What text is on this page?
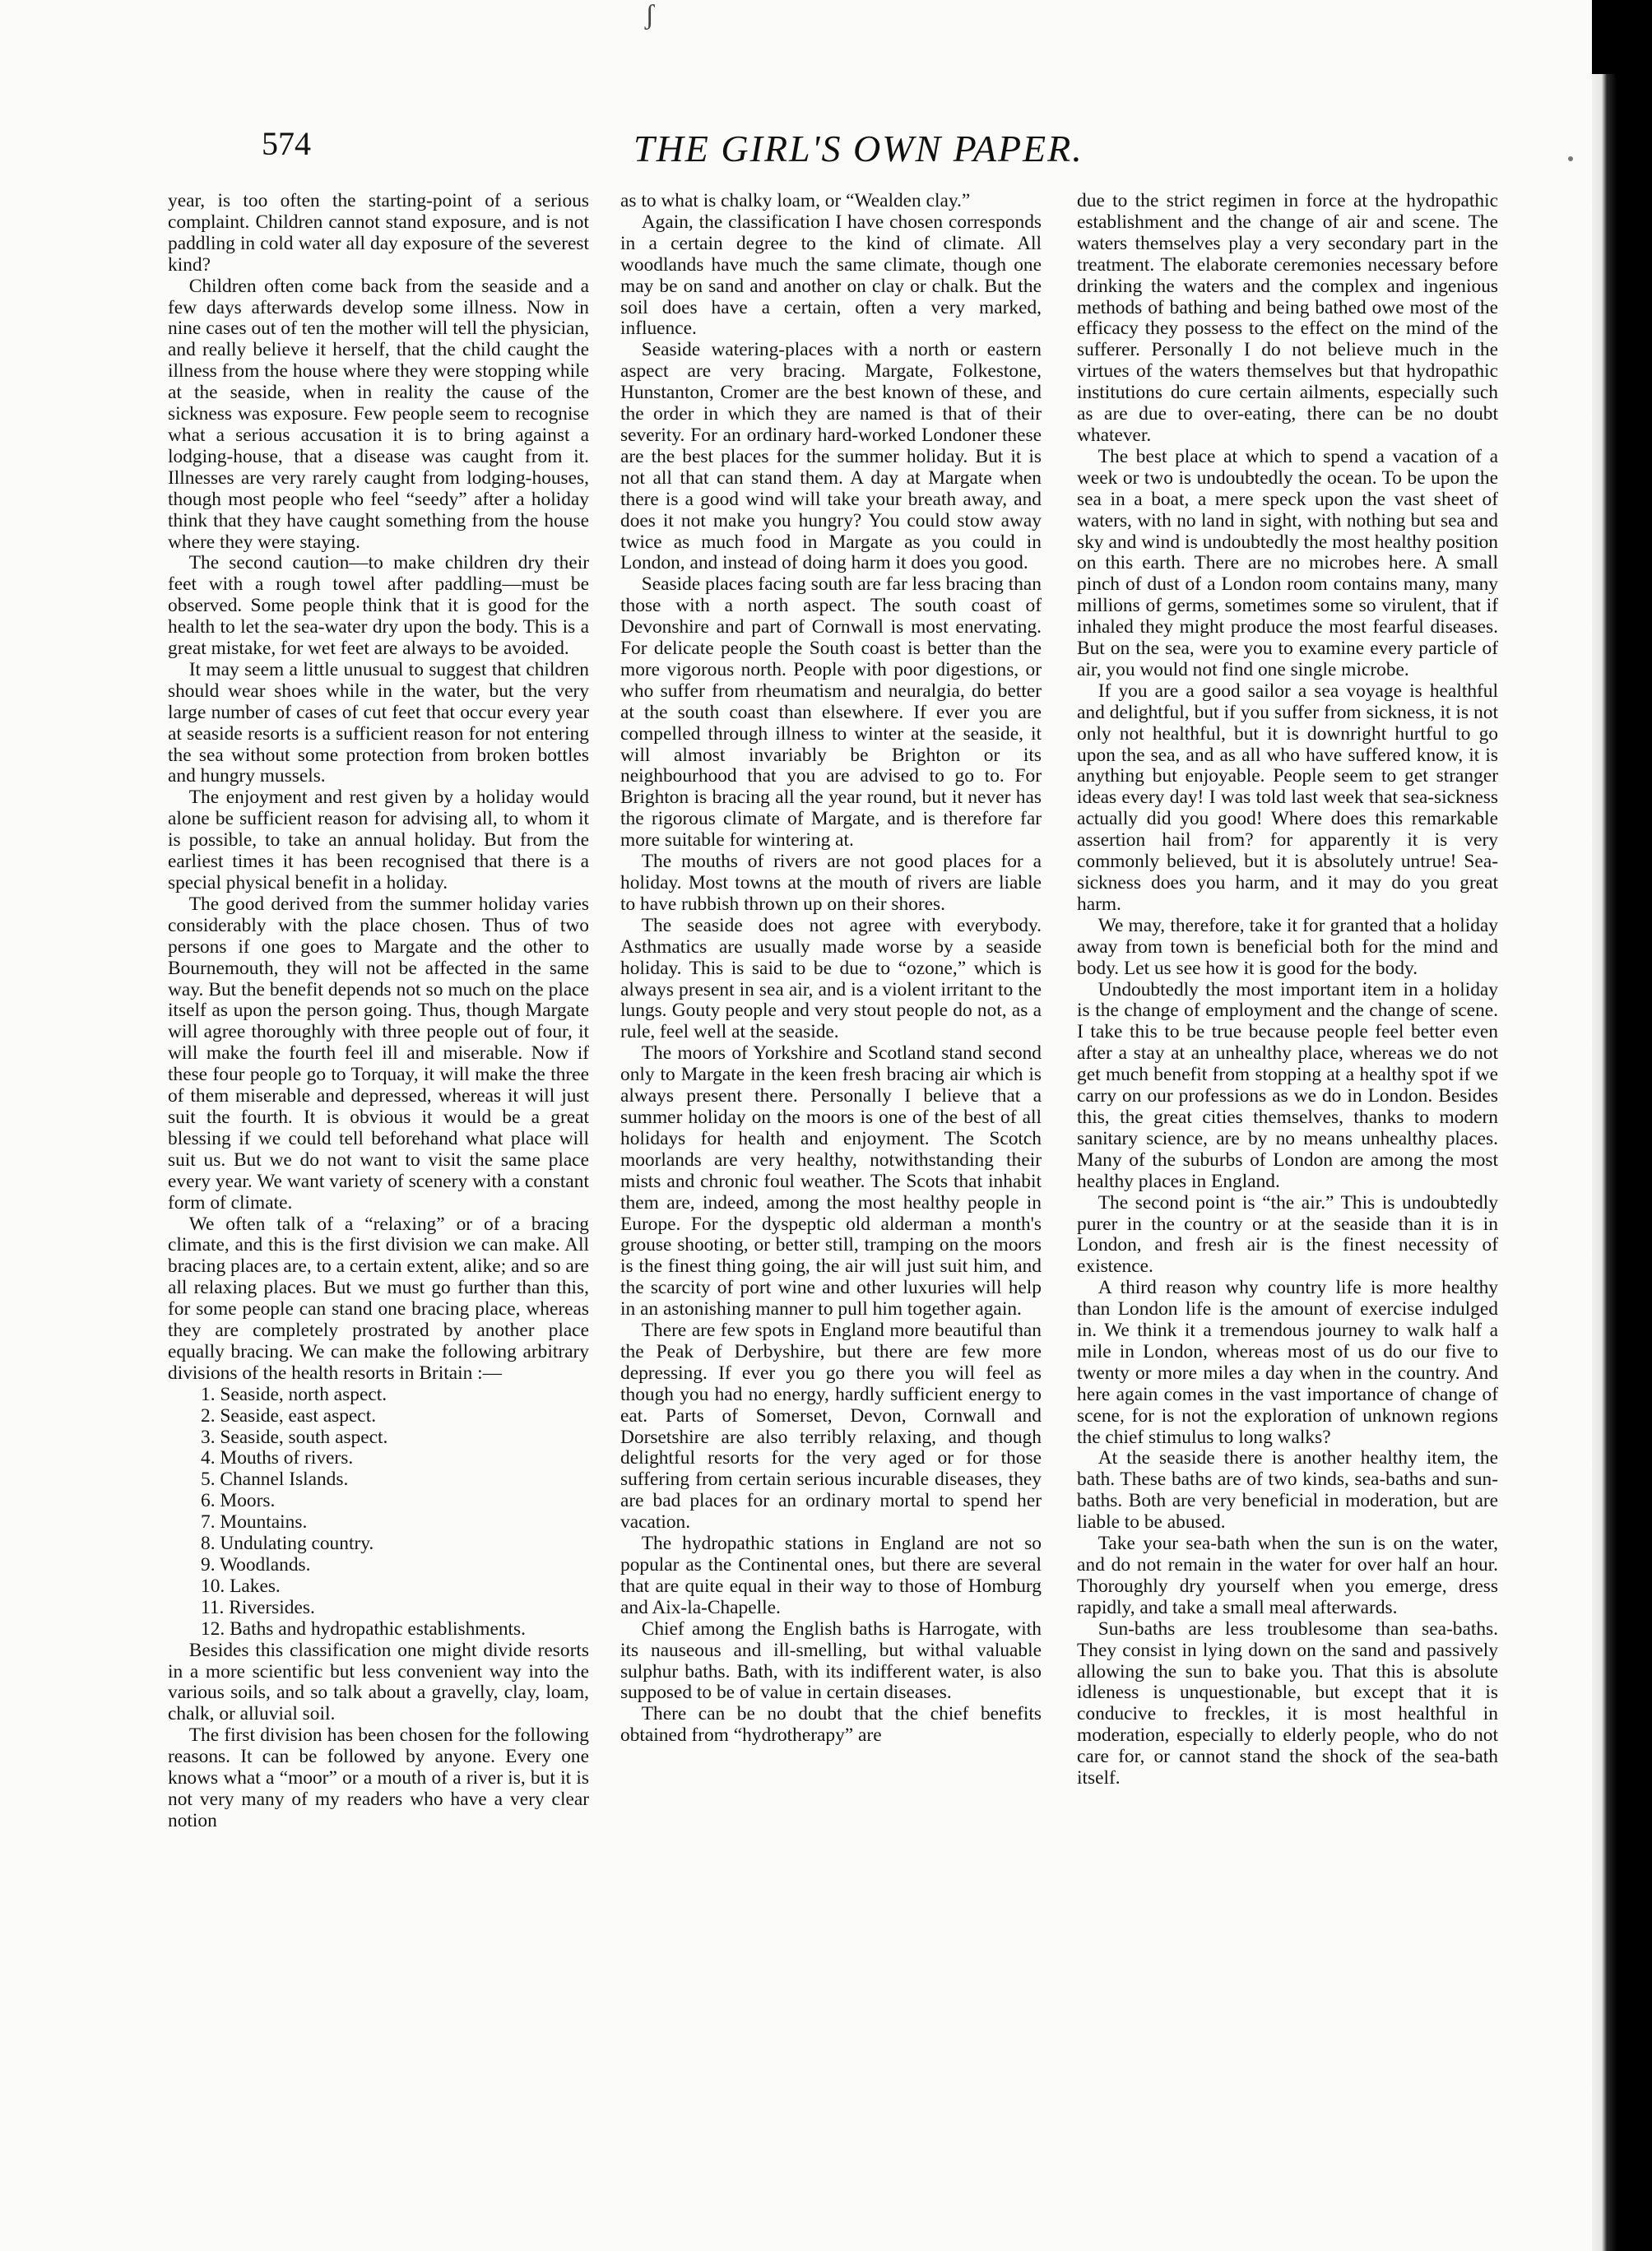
ʃ
574	THE GIRL'S OWN PAPER.

year, is too often the starting-point of a serious complaint. Children cannot stand exposure, and is not paddling in cold water all day exposure of the severest kind?

Children often come back from the seaside and a few days afterwards develop some illness. Now in nine cases out of ten the mother will tell the physician, and really believe it herself, that the child caught the illness from the house where they were stopping while at the seaside, when in reality the cause of the sickness was exposure. Few people seem to recognise what a serious accusation it is to bring against a lodging-house, that a disease was caught from it. Illnesses are very rarely caught from lodging-houses, though most people who feel “seedy” after a holiday think that they have caught something from the house where they were staying.

The second caution—to make children dry their feet with a rough towel after paddling—must be observed. Some people think that it is good for the health to let the sea-water dry upon the body. This is a great mistake, for wet feet are always to be avoided.

It may seem a little unusual to suggest that children should wear shoes while in the water, but the very large number of cases of cut feet that occur every year at seaside resorts is a sufficient reason for not entering the sea without some protection from broken bottles and hungry mussels.

The enjoyment and rest given by a holiday would alone be sufficient reason for advising all, to whom it is possible, to take an annual holiday. But from the earliest times it has been recognised that there is a special physical benefit in a holiday.

The good derived from the summer holiday varies considerably with the place chosen. Thus of two persons if one goes to Margate and the other to Bournemouth, they will not be affected in the same way. But the benefit depends not so much on the place itself as upon the person going. Thus, though Margate will agree thoroughly with three people out of four, it will make the fourth feel ill and miserable. Now if these four people go to Torquay, it will make the three of them miserable and depressed, whereas it will just suit the fourth. It is obvious it would be a great blessing if we could tell beforehand what place will suit us. But we do not want to visit the same place every year. We want variety of scenery with a constant form of climate.

We often talk of a “relaxing” or of a bracing climate, and this is the first division we can make. All bracing places are, to a certain extent, alike; and so are all relaxing places. But we must go further than this, for some people can stand one bracing place, whereas they are completely prostrated by another place equally bracing. We can make the following arbitrary divisions of the health resorts in Britain :—

1. Seaside, north aspect.
2. Seaside, east aspect.
3. Seaside, south aspect.
4. Mouths of rivers.
5. Channel Islands.
6. Moors.
7. Mountains.
8. Undulating country.
9. Woodlands.
10. Lakes.
11. Riversides.
12. Baths and hydropathic establishments.

Besides this classification one might divide resorts in a more scientific but less convenient way into the various soils, and so talk about a gravelly, clay, loam, chalk, or alluvial soil.

The first division has been chosen for the following reasons. It can be followed by anyone. Every one knows what a “moor” or a mouth of a river is, but it is not very many of my readers who have a very clear notion

as to what is chalky loam, or “Wealden clay.”

Again, the classification I have chosen corresponds in a certain degree to the kind of climate. All woodlands have much the same climate, though one may be on sand and another on clay or chalk. But the soil does have a certain, often a very marked, influence.

Seaside watering-places with a north or eastern aspect are very bracing. Margate, Folkestone, Hunstanton, Cromer are the best known of these, and the order in which they are named is that of their severity. For an ordinary hard-worked Londoner these are the best places for the summer holiday. But it is not all that can stand them. A day at Margate when there is a good wind will take your breath away, and does it not make you hungry? You could stow away twice as much food in Margate as you could in London, and instead of doing harm it does you good.

Seaside places facing south are far less bracing than those with a north aspect. The south coast of Devonshire and part of Cornwall is most enervating. For delicate people the South coast is better than the more vigorous north. People with poor digestions, or who suffer from rheumatism and neuralgia, do better at the south coast than elsewhere. If ever you are compelled through illness to winter at the seaside, it will almost invariably be Brighton or its neighbourhood that you are advised to go to. For Brighton is bracing all the year round, but it never has the rigorous climate of Margate, and is therefore far more suitable for wintering at.

The mouths of rivers are not good places for a holiday. Most towns at the mouth of rivers are liable to have rubbish thrown up on their shores.

The seaside does not agree with everybody. Asthmatics are usually made worse by a seaside holiday. This is said to be due to “ozone,” which is always present in sea air, and is a violent irritant to the lungs. Gouty people and very stout people do not, as a rule, feel well at the seaside.

The moors of Yorkshire and Scotland stand second only to Margate in the keen fresh bracing air which is always present there. Personally I believe that a summer holiday on the moors is one of the best of all holidays for health and enjoyment. The Scotch moorlands are very healthy, notwithstanding their mists and chronic foul weather. The Scots that inhabit them are, indeed, among the most healthy people in Europe. For the dyspeptic old alderman a month's grouse shooting, or better still, tramping on the moors is the finest thing going, the air will just suit him, and the scarcity of port wine and other luxuries will help in an astonishing manner to pull him together again.

There are few spots in England more beautiful than the Peak of Derbyshire, but there are few more depressing. If ever you go there you will feel as though you had no energy, hardly sufficient energy to eat. Parts of Somerset, Devon, Cornwall and Dorsetshire are also terribly relaxing, and though delightful resorts for the very aged or for those suffering from certain serious incurable diseases, they are bad places for an ordinary mortal to spend her vacation.

The hydropathic stations in England are not so popular as the Continental ones, but there are several that are quite equal in their way to those of Homburg and Aix-la-Chapelle.

Chief among the English baths is Harrogate, with its nauseous and ill-smelling, but withal valuable sulphur baths. Bath, with its indifferent water, is also supposed to be of value in certain diseases.

There can be no doubt that the chief benefits obtained from “hydrotherapy” are

due to the strict regimen in force at the hydropathic establishment and the change of air and scene. The waters themselves play a very secondary part in the treatment. The elaborate ceremonies necessary before drinking the waters and the complex and ingenious methods of bathing and being bathed owe most of the efficacy they possess to the effect on the mind of the sufferer. Personally I do not believe much in the virtues of the waters themselves but that hydropathic institutions do cure certain ailments, especially such as are due to over-eating, there can be no doubt whatever.

The best place at which to spend a vacation of a week or two is undoubtedly the ocean. To be upon the sea in a boat, a mere speck upon the vast sheet of waters, with no land in sight, with nothing but sea and sky and wind is undoubtedly the most healthy position on this earth. There are no microbes here. A small pinch of dust of a London room contains many, many millions of germs, sometimes some so virulent, that if inhaled they might produce the most fearful diseases. But on the sea, were you to examine every particle of air, you would not find one single microbe.

If you are a good sailor a sea voyage is healthful and delightful, but if you suffer from sickness, it is not only not healthful, but it is downright hurtful to go upon the sea, and as all who have suffered know, it is anything but enjoyable. People seem to get stranger ideas every day! I was told last week that sea-sickness actually did you good! Where does this remarkable assertion hail from? for apparently it is very commonly believed, but it is absolutely untrue! Sea-sickness does you harm, and it may do you great harm.

We may, therefore, take it for granted that a holiday away from town is beneficial both for the mind and body. Let us see how it is good for the body.

Undoubtedly the most important item in a holiday is the change of employment and the change of scene. I take this to be true because people feel better even after a stay at an unhealthy place, whereas we do not get much benefit from stopping at a healthy spot if we carry on our professions as we do in London. Besides this, the great cities themselves, thanks to modern sanitary science, are by no means unhealthy places. Many of the suburbs of London are among the most healthy places in England.

The second point is “the air.” This is undoubtedly purer in the country or at the seaside than it is in London, and fresh air is the finest necessity of existence.

A third reason why country life is more healthy than London life is the amount of exercise indulged in. We think it a tremendous journey to walk half a mile in London, whereas most of us do our five to twenty or more miles a day when in the country. And here again comes in the vast importance of change of scene, for is not the exploration of unknown regions the chief stimulus to long walks?

At the seaside there is another healthy item, the bath. These baths are of two kinds, sea-baths and sun-baths. Both are very beneficial in moderation, but are liable to be abused.

Take your sea-bath when the sun is on the water, and do not remain in the water for over half an hour. Thoroughly dry yourself when you emerge, dress rapidly, and take a small meal afterwards.

Sun-baths are less troublesome than sea-baths. They consist in lying down on the sand and passively allowing the sun to bake you. That this is absolute idleness is unquestionable, but except that it is conducive to freckles, it is most healthful in moderation, especially to elderly people, who do not care for, or cannot stand the shock of the sea-bath itself.
